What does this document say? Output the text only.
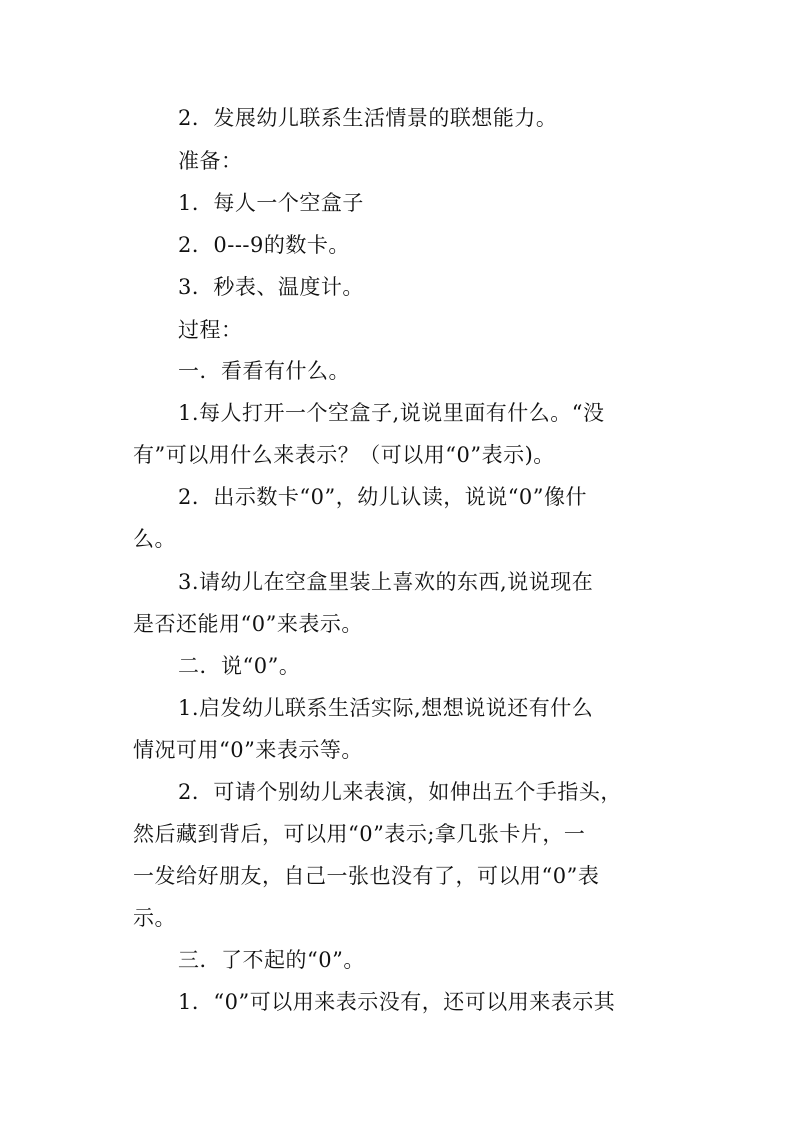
2．发展幼儿联系生活情景的联想能力。
准备：
1．每人一个空盒子
2．0---9的数卡。
3．秒表、温度计。
过程：
一．看看有什么。
1.每人打开一个空盒子,说说里面有什么。“没
有”可以用什么来表示？（可以用“0”表示)。
2．出示数卡“0”，幼儿认读，说说“0”像什
么。
3.请幼儿在空盒里装上喜欢的东西,说说现在
是否还能用“0”来表示。
二．说“0”。
1.启发幼儿联系生活实际,想想说说还有什么
情况可用“0”来表示等。
2．可请个别幼儿来表演，如伸出五个手指头，
然后藏到背后，可以用“0”表示;拿几张卡片，一
一发给好朋友，自己一张也没有了，可以用“0”表
示。
三．了不起的“0”。
1．“0”可以用来表示没有，还可以用来表示其
